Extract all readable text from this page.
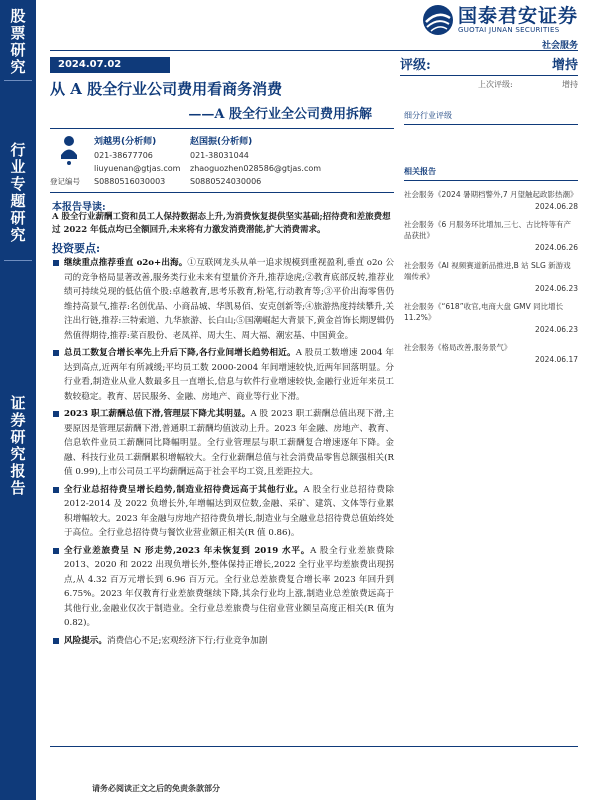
股
票
研
究
行
业
专
题
研
究
证
券
研
究
报
告
国泰君安证券
GUOTAI JUNAN SECURITIES
社会服务
2024.07.02
从 A 股全行业公司费用看商务消费
——A 股全行业全公司费用拆解
评级:	增持
上次评级:	增持
刘越男(分析师)
021-38677706
liuyuenan@gtjas.com
S0880516030003
赵国振(分析师)
021-38031044
zhaoguozhen028586@gtjas.com
S0880524030006
登记编号
本报告导读:
A 股全行业薪酬工资和员工人保持数据态上升,为消费恢复提供坚实基础;招待费和差旅费想过 2022 年低点均已全额回升,未来将有力激发消费潜能,扩大消费需求。
投资要点:
继续重点推荐垂直 o2o+出海。①互联网龙头从单一追求规模到重视盈利,垂直 o2o 公司的竞争格局显著改善,服务类行业未来有望量价齐升,推荐途虎;②教育底部反转,推荐业绩可持续兑现的低估值个股:卓越教育,思考乐教育,粉笔,行动教育等;③平价出海零售仍维持高景气,推荐:名创优品、小商品城、华凯易佰、安克创新等;④旅游热度持续攀升,关注出行链,推荐:三特索道、九华旅游、长白山;⑤国潮崛起大背景下,黄金首饰长期逻辑仍然值得期待,推荐:菜百股份、老凤祥、周大生、周大福、潮宏基、中国黄金。
总员工数复合增长率先上升后下降,各行业间增长趋势相近。A 股员工数增速 2004 年达到高点,近两年有所减缓;平均员工数 2000-2004 年间增速较快,近两年回落明显。分行业看,制造业从业人数最多且一直增长,信息与软件行业增速较快,金融行业近年来员工数较稳定。教育、居民服务、金融、房地产、商业等行业下滑。
2023 职工薪酬总值下滑,管理层下降尤其明显。A 股 2023 职工薪酬总值出现下滑,主要原因是管理层薪酬下滑,普通职工薪酬均值波动上升。2023 年金融、房地产、教育、信息软件业员工薪酬同比降幅明显。全行业管理层与职工薪酬复合增速逐年下降。金融、科技行业员工薪酬累积增幅较大。全行业薪酬总值与社会消费品零售总额强相关(R 值 0.99),上市公司员工平均薪酬远高于社会平均工资,且差距拉大。
全行业总招待费呈增长趋势,制造业招待费远高于其他行业。A 股全行业总招待费除 2012-2014 及 2022 负增长外,年增幅达到双位数,金融、采矿、建筑、文体等行业累积增幅较大。2023 年金融与房地产招待费负增长,制造业与全融业总招待费总值始终处于高位。全行业总招待费与餐饮业营业额正相关(R 值 0.86)。
全行业差旅费呈 N 形走势,2023 年未恢复到 2019 水平。A 股全行业差旅费除 2013、2020 和 2022 出现负增长外,整体保持正增长,2022 全行业平均差旅费出现拐点,从 4.32 百万元增长到 6.96 百万元。全行业总差旅费复合增长率 2023 年回升到 6.75%。2023 年仅教育行业差旅费继续下降,其余行业均上涨,制造业总差旅费远高于其他行业,金融业仅次于制造业。全行业总差旅费与住宿业营业额呈高度正相关(R 值为 0.82)。
风险提示。消费信心不足;宏观经济下行;行业竞争加剧
细分行业评级
相关报告
社会服务《2024 暑期档警外,7 月望触起政影热潮》
2024.06.28
社会服务《6 月服务环比增加,三七、古比特等有产品获批》
2024.06.26
社会服务《AI 视频赛道新品推进,B 站 SLG 新游戏端传承》
2024.06.23
社会服务《“618”收官,电商大盘 GMV 同比增长 11.2%》
2024.06.23
社会服务《格局改善,服务景气》
2024.06.17
请务必阅读正文之后的免责条款部分
